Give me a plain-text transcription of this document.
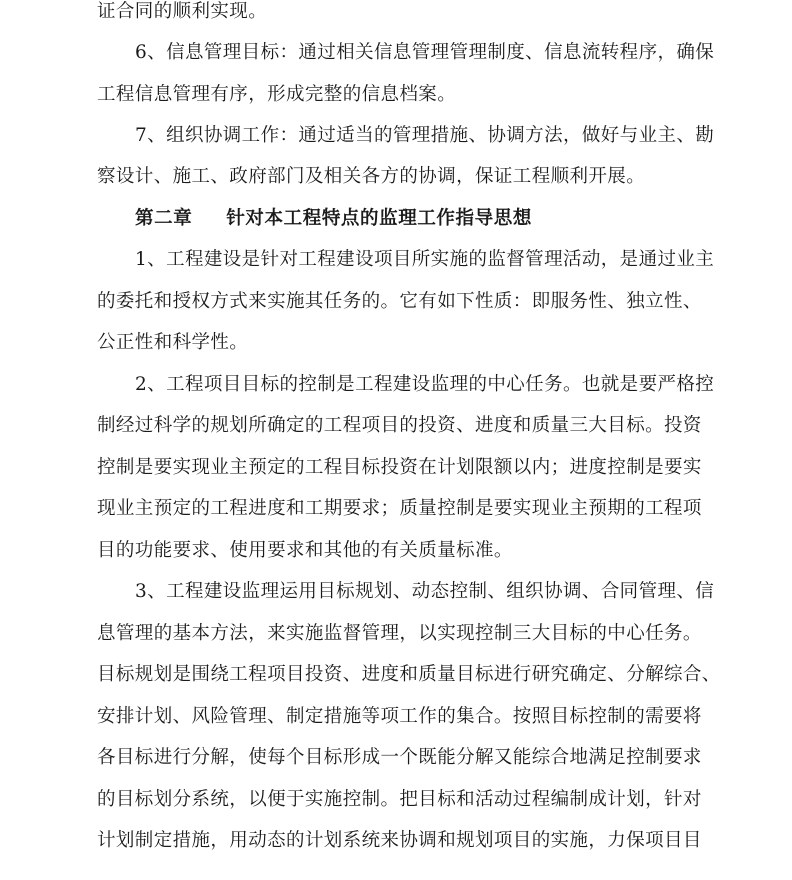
证合同的顺利实现。
6、信息管理目标：通过相关信息管理管理制度、信息流转程序，确保
工程信息管理有序，形成完整的信息档案。
7、组织协调工作：通过适当的管理措施、协调方法，做好与业主、勘
察设计、施工、政府部门及相关各方的协调，保证工程顺利开展。
第二章 针对本工程特点的监理工作指导思想
1、工程建设是针对工程建设项目所实施的监督管理活动，是通过业主
的委托和授权方式来实施其任务的。它有如下性质：即服务性、独立性、
公正性和科学性。
2、工程项目目标的控制是工程建设监理的中心任务。也就是要严格控
制经过科学的规划所确定的工程项目的投资、进度和质量三大目标。投资
控制是要实现业主预定的工程目标投资在计划限额以内；进度控制是要实
现业主预定的工程进度和工期要求；质量控制是要实现业主预期的工程项
目的功能要求、使用要求和其他的有关质量标准。
3、工程建设监理运用目标规划、动态控制、组织协调、合同管理、信
息管理的基本方法，来实施监督管理，以实现控制三大目标的中心任务。
目标规划是围绕工程项目投资、进度和质量目标进行研究确定、分解综合、
安排计划、风险管理、制定措施等项工作的集合。按照目标控制的需要将
各目标进行分解，使每个目标形成一个既能分解又能综合地满足控制要求
的目标划分系统，以便于实施控制。把目标和活动过程编制成计划，针对
计划制定措施，用动态的计划系统来协调和规划项目的实施，力保项目目
